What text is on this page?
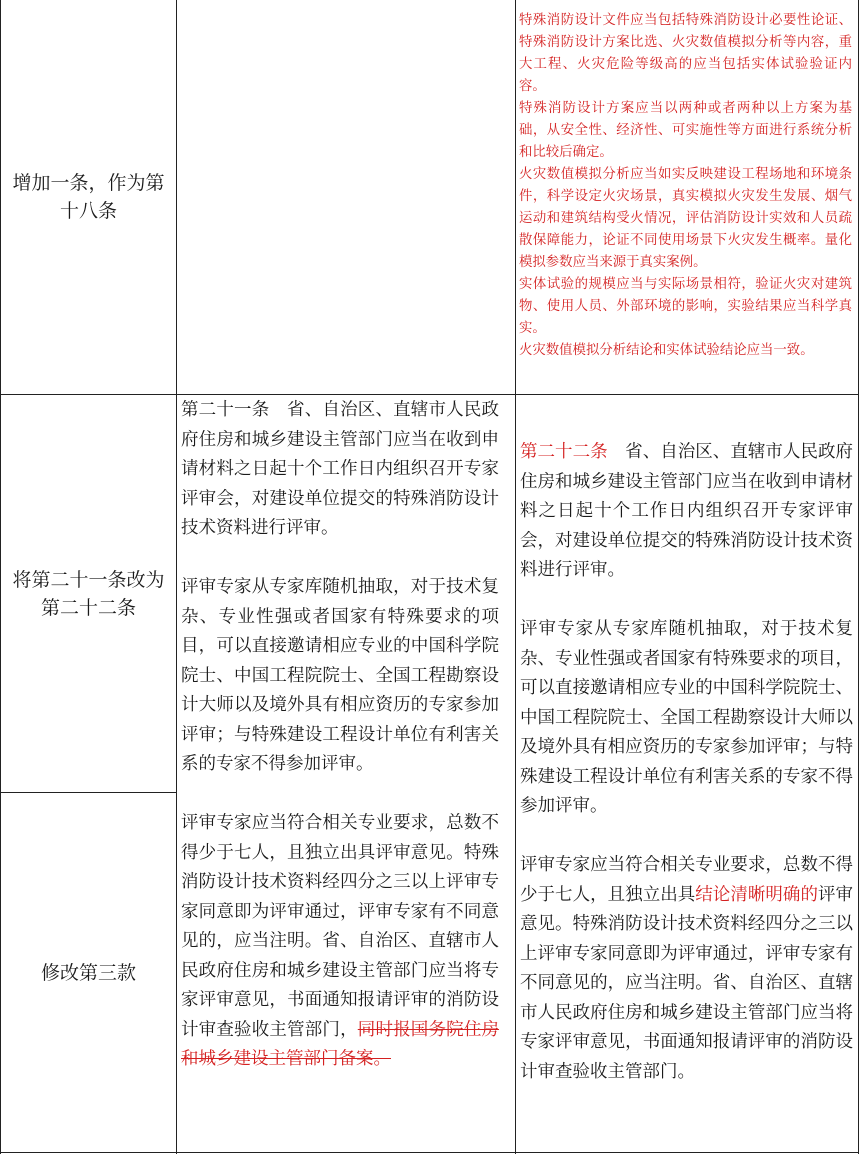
增加一条，作为第十八条

特殊消防设计文件应当包括特殊消防设计必要性论证、特殊消防设计方案比选、火灾数值模拟分析等内容，重大工程、火灾危险等级高的应当包括实体试验验证内容。

特殊消防设计方案应当以两种或者两种以上方案为基础，从安全性、经济性、可实施性等方面进行系统分析和比较后确定。

火灾数值模拟分析应当如实反映建设工程场地和环境条件，科学设定火灾场景，真实模拟火灾发生发展、烟气运动和建筑结构受火情况，评估消防设计实效和人员疏散保障能力，论证不同使用场景下火灾发生概率。量化模拟参数应当来源于真实案例。

实体试验的规模应当与实际场景相符，验证火灾对建筑物、使用人员、外部环境的影响，实验结果应当科学真实。

火灾数值模拟分析结论和实体试验结论应当一致。

将第二十一条改为第二十二条
修改第三款

第二十一条　省、自治区、直辖市人民政府住房和城乡建设主管部门应当在收到申请材料之日起十个工作日内组织召开专家评审会，对建设单位提交的特殊消防设计技术资料进行评审。

评审专家从专家库随机抽取，对于技术复杂、专业性强或者国家有特殊要求的项目，可以直接邀请相应专业的中国科学院院士、中国工程院院士、全国工程勘察设计大师以及境外具有相应资历的专家参加评审；与特殊建设工程设计单位有利害关系的专家不得参加评审。

评审专家应当符合相关专业要求，总数不得少于七人，且独立出具评审意见。特殊消防设计技术资料经四分之三以上评审专家同意即为评审通过，评审专家有不同意见的，应当注明。省、自治区、直辖市人民政府住房和城乡建设主管部门应当将专家评审意见，书面通知报请评审的消防设计审查验收主管部门，同时报国务院住房和城乡建设主管部门备案。

第二十二条　省、自治区、直辖市人民政府住房和城乡建设主管部门应当在收到申请材料之日起十个工作日内组织召开专家评审会，对建设单位提交的特殊消防设计技术资料进行评审。

评审专家从专家库随机抽取，对于技术复杂、专业性强或者国家有特殊要求的项目，可以直接邀请相应专业的中国科学院院士、中国工程院院士、全国工程勘察设计大师以及境外具有相应资历的专家参加评审；与特殊建设工程设计单位有利害关系的专家不得参加评审。

评审专家应当符合相关专业要求，总数不得少于七人，且独立出具结论清晰明确的评审意见。特殊消防设计技术资料经四分之三以上评审专家同意即为评审通过，评审专家有不同意见的，应当注明。省、自治区、直辖市人民政府住房和城乡建设主管部门应当将专家评审意见，书面通知报请评审的消防设计审查验收主管部门。
